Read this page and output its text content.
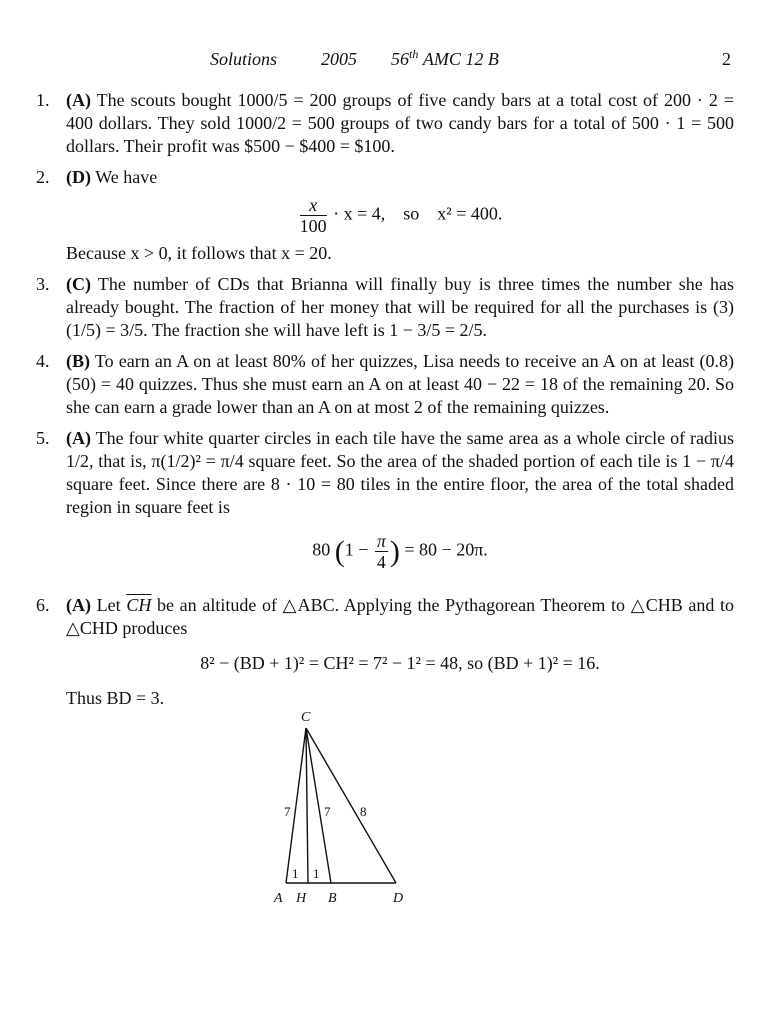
Solutions 2005 56th AMC 12 B	2
1. (A) The scouts bought 1000/5 = 200 groups of five candy bars at a total cost of 200 · 2 = 400 dollars. They sold 1000/2 = 500 groups of two candy bars for a total of 500 · 1 = 500 dollars. Their profit was $500 − $400 = $100.

2. (D) We have

$\frac{x}{100} \cdot x = 4$, so x² = 400.

Because x > 0, it follows that x = 20.

3. (C) The number of CDs that Brianna will finally buy is three times the number she has already bought. The fraction of her money that will be required for all the purchases is (3)(1/5) = 3/5. The fraction she will have left is 1 − 3/5 = 2/5.

4. (B) To earn an A on at least 80% of her quizzes, Lisa needs to receive an A on at least (0.8)(50) = 40 quizzes. Thus she must earn an A on at least 40 − 22 = 18 of the remaining 20. So she can earn a grade lower than an A on at most 2 of the remaining quizzes.

5. (A) The four white quarter circles in each tile have the same area as a whole circle of radius 1/2, that is, π(1/2)² = π/4 square feet. So the area of the shaded portion of each tile is 1 − π/4 square feet. Since there are 8 · 10 = 80 tiles in the entire floor, the area of the total shaded region in square feet is

80 ($1 - \frac{\pi}{4}$ ) = 80 − 20π.
6. (A) Let $\overline{CH}$ be an altitude of △ABC. Applying the Pythagorean Theorem to △CHB and to △CHD produces

8² − (BD + 1)² = CH² = 7² − 1² = 48, so (BD + 1)² = 16.

Thus BD = 3.

C
A H B	D
7	7 8
1 1
